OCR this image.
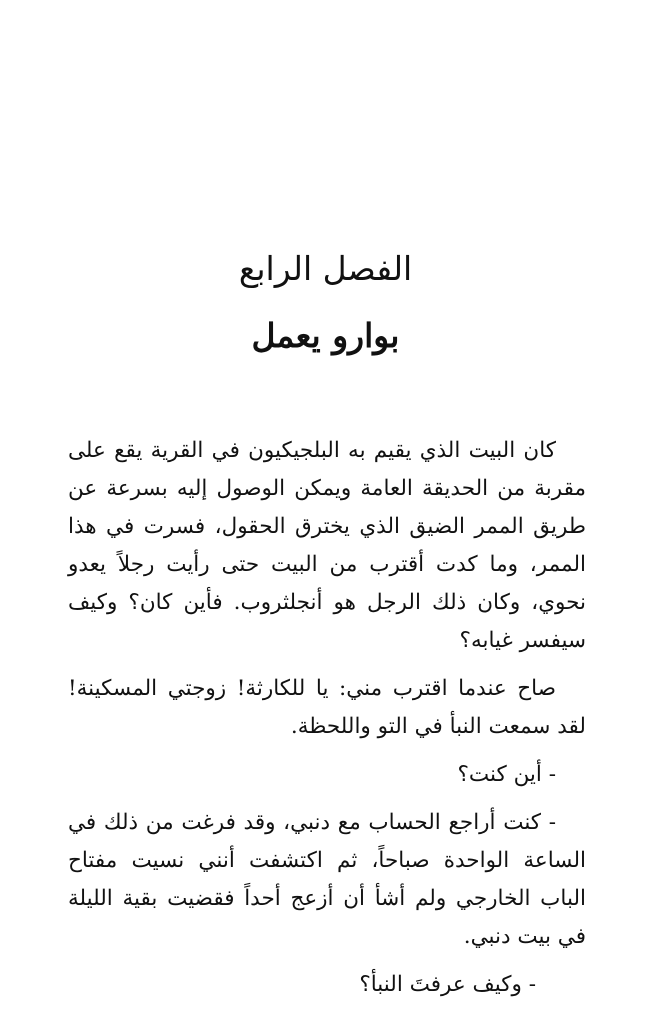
الفصل الرابع
بوارو يعمل

كان البيت الذي يقيم به البلجيكيون في القرية يقع على مقربة من الحديقة العامة ويمكن الوصول إليه بسرعة عن طريق الممر الضيق الذي يخترق الحقول، فسرت في هذا الممر، وما كدت أقترب من البيت حتى رأيت رجلاً يعدو نحوي، وكان ذلك الرجل هو أنجلثروب. فأين كان؟ وكيف سيفسر غيابه؟

صاح عندما اقترب مني: يا للكارثة! زوجتي المسكينة! لقد سمعت النبأ في التو واللحظة.

- أين كنت؟

- كنت أراجع الحساب مع دنبي، وقد فرغت من ذلك في الساعة الواحدة صباحاً، ثم اكتشفت أنني نسيت مفتاح الباب الخارجي ولم أشأ أن أزعج أحداً فقضيت بقية الليلة في بيت دنبي.

- وكيف عرفتَ النبأ؟
